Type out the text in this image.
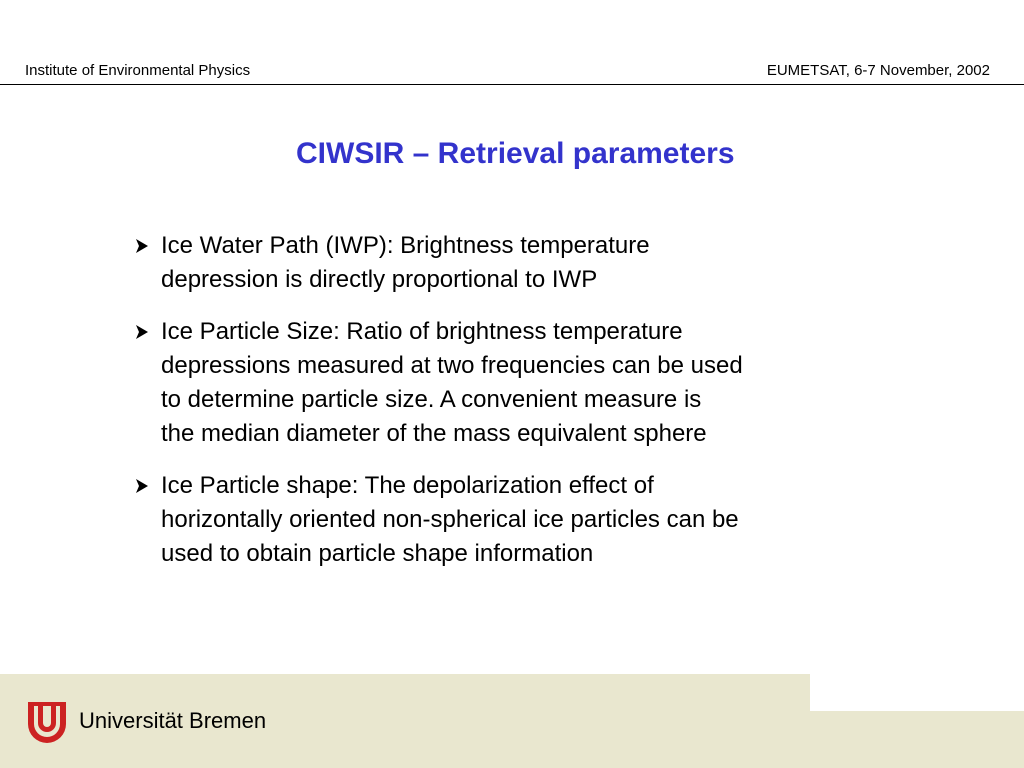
Institute of Environmental Physics	EUMETSAT, 6-7 November, 2002
CIWSIR – Retrieval parameters
Ice Water Path (IWP): Brightness temperature
depression is directly proportional to IWP
Ice Particle Size: Ratio of brightness temperature
depressions measured at two frequencies can be used
to determine particle size. A convenient measure is
the median diameter of the mass equivalent sphere
Ice Particle shape: The depolarization effect of
horizontally oriented non-spherical ice particles can be
used to obtain particle shape information
Universität Bremen
